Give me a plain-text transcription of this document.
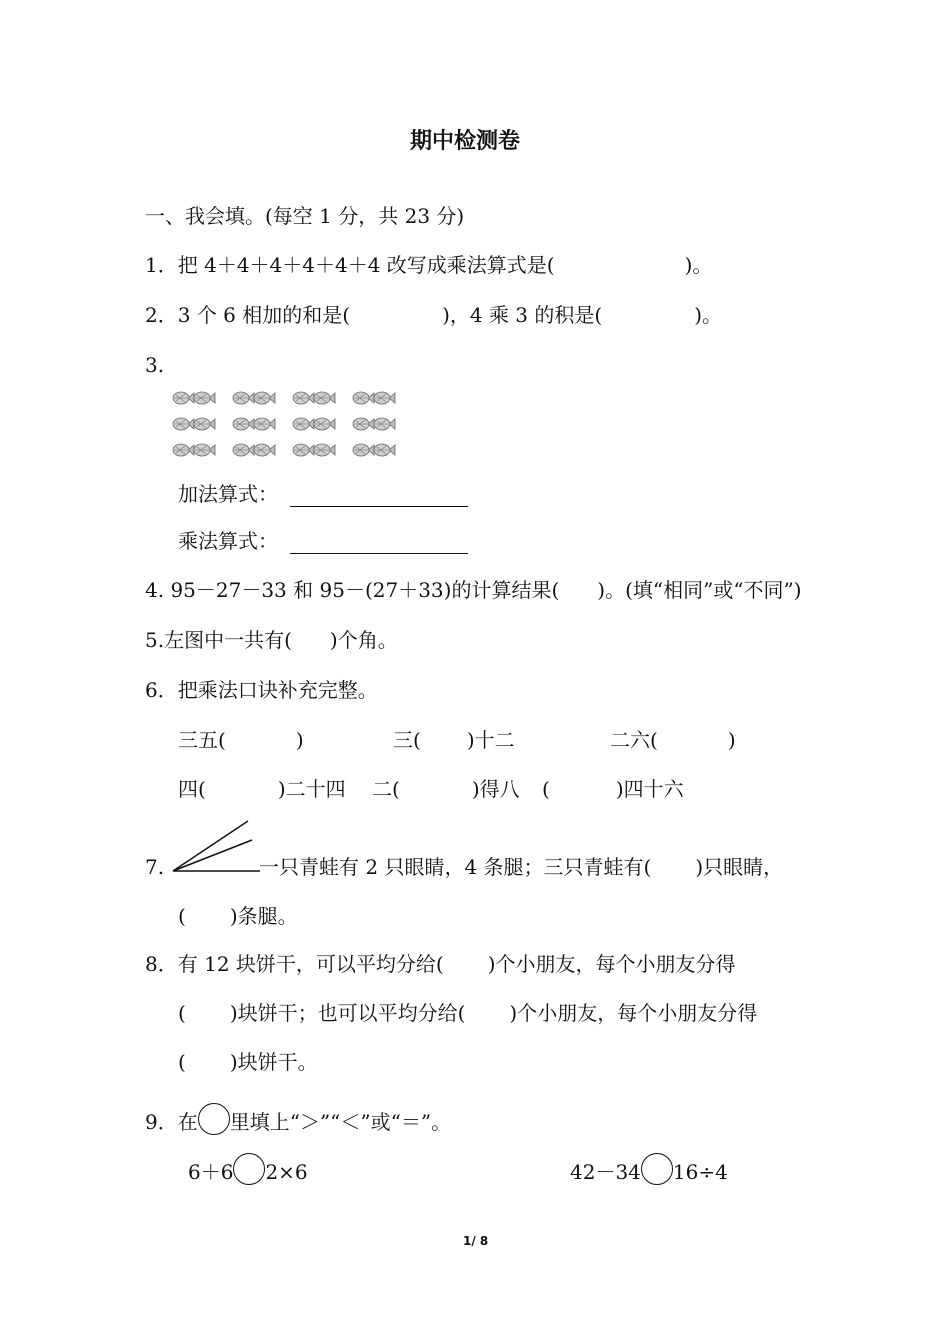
期中检测卷
一、我会填。(每空 1 分，共 23 分)
1．把 4＋4＋4＋4＋4＋4 改写成乘法算式是(	)。
2．3 个 6 相加的和是(	)，4 乘 3 的积是(	)。
3.
加法算式：
乘法算式：
4. 95－27－33 和 95－(27＋33)的计算结果( )。(填“相同”或“不同”)
5.左图中一共有( )个角。
6．把乘法口诀补充完整。
三五(	)	三( )十二	二六(	)
四(	)二十四 二(	)得八 (	)四十六
7.	一只青蛙有 2 只眼睛，4 条腿；三只青蛙有( )只眼睛，
( )条腿。
8．有 12 块饼干，可以平均分给( )个小朋友，每个小朋友分得
( )块饼干；也可以平均分给( )个小朋友，每个小朋友分得
( )块饼干。
9．在 里填上“＞”“＜”或“＝”。
6＋6 2×6	42－34 16÷4
1/ 8
